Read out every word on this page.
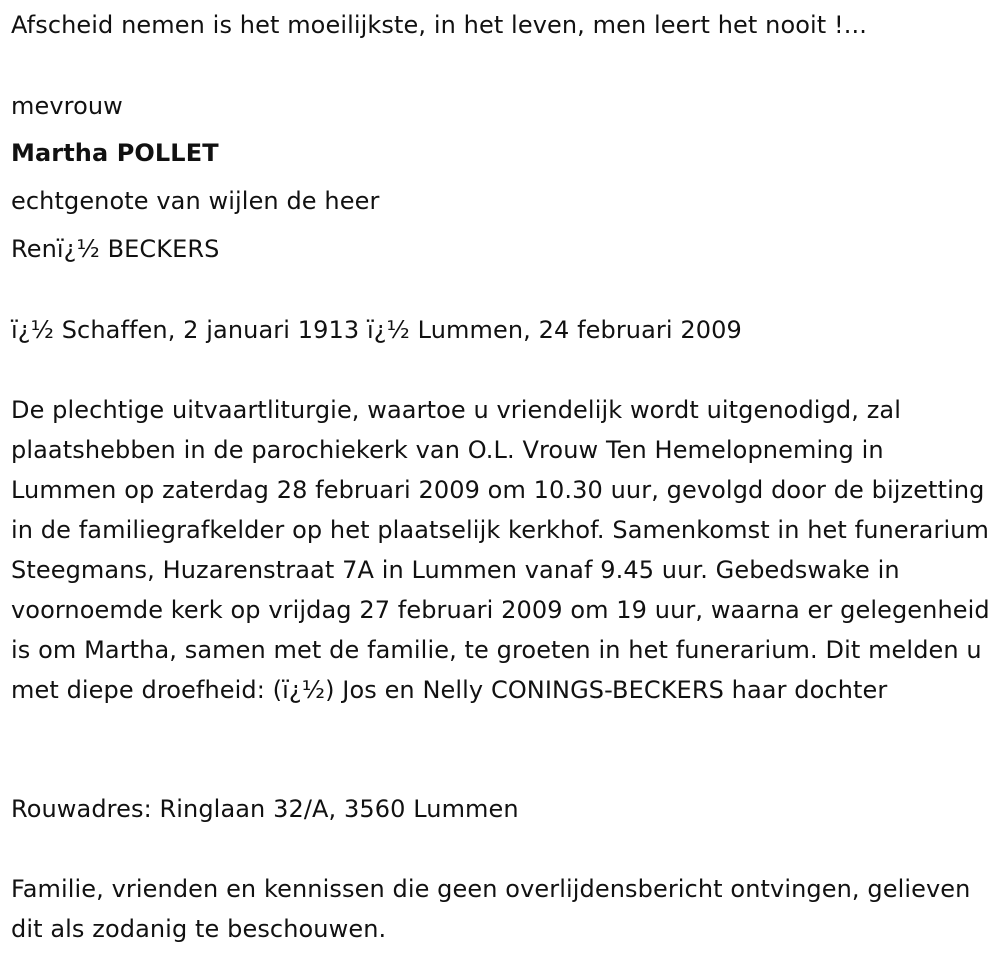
Afscheid nemen is het moeilijkste, in het leven, men leert het nooit !...
mevrouw
Martha POLLET
echtgenote van wijlen de heer
Renï¿½ BECKERS
ï¿½ Schaffen, 2 januari 1913 ï¿½ Lummen, 24 februari 2009
De plechtige uitvaartliturgie, waartoe u vriendelijk wordt uitgenodigd, zal plaatshebben in de parochiekerk van O.L. Vrouw Ten Hemelopneming in Lummen op zaterdag 28 februari 2009 om 10.30 uur, gevolgd door de bijzetting in de familiegrafkelder op het plaatselijk kerkhof. Samenkomst in het funerarium Steegmans, Huzarenstraat 7A in Lummen vanaf 9.45 uur. Gebedswake in voornoemde kerk op vrijdag 27 februari 2009 om 19 uur, waarna er gelegenheid is om Martha, samen met de familie, te groeten in het funerarium. Dit melden u met diepe droefheid: (ï¿½) Jos en Nelly CONINGS-BECKERS haar dochter
Rouwadres: Ringlaan 32/A, 3560 Lummen
Familie, vrienden en kennissen die geen overlijdensbericht ontvingen, gelieven dit als zodanig te beschouwen.
